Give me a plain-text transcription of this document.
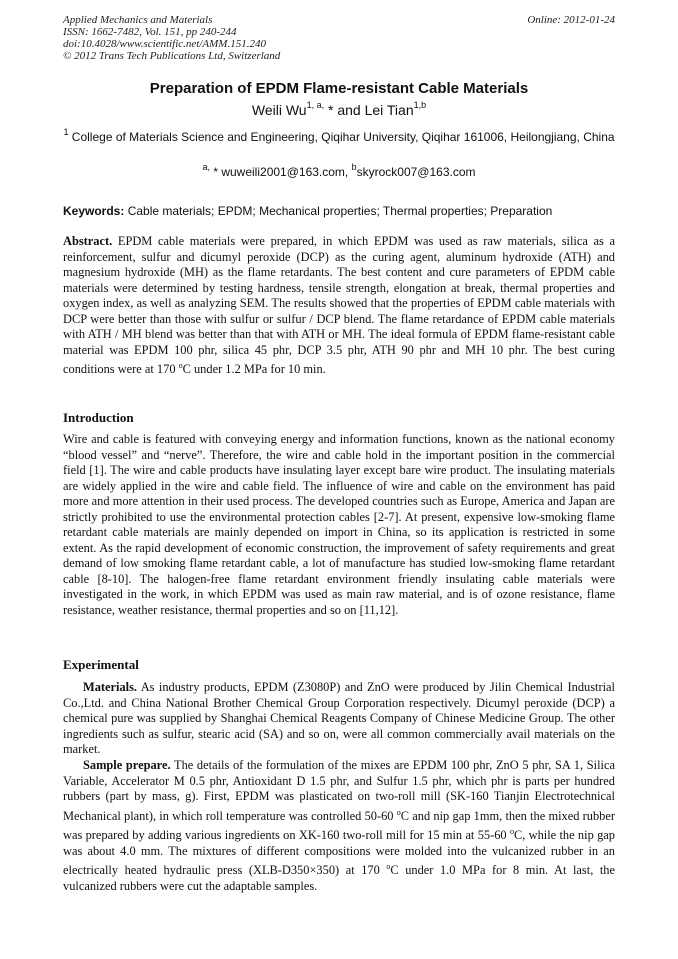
Applied Mechanics and Materials
ISSN: 1662-7482, Vol. 151, pp 240-244
doi:10.4028/www.scientific.net/AMM.151.240
© 2012 Trans Tech Publications Ltd, Switzerland
Online: 2012-01-24
Preparation of EPDM Flame-resistant Cable Materials
Weili $Wu^{1, a,}$ * and Lei Tian$^{1,b}$
$^1$ College of Materials Science and Engineering, Qiqihar University, Qiqihar 161006, Heilongjiang, China
$^{a,}$ * wuweili2001@163.com, $^b$skyrock007@163.com
Keywords: Cable materials; EPDM; Mechanical properties; Thermal properties; Preparation
Abstract. EPDM cable materials were prepared, in which EPDM was used as raw materials, silica as a reinforcement, sulfur and dicumyl peroxide (DCP) as the curing agent, aluminum hydroxide (ATH) and magnesium hydroxide (MH) as the flame retardants. The best content and cure parameters of EPDM cable materials were determined by testing hardness, tensile strength, elongation at break, thermal properties and oxygen index, as well as analyzing SEM. The results showed that the properties of EPDM cable materials with DCP were better than those with sulfur or sulfur / DCP blend. The flame retardance of EPDM cable materials with ATH / MH blend was better than that with ATH or MH. The ideal formula of EPDM flame-resistant cable material was EPDM 100 phr, silica 45 phr, DCP 3.5 phr, ATH 90 phr and MH 10 phr. The best curing conditions were at 170 $^o$C under 1.2 MPa for 10 min.
Introduction
Wire and cable is featured with conveying energy and information functions, known as the national economy “blood vessel” and “nerve”. Therefore, the wire and cable hold in the important position in the commercial field [1]. The wire and cable products have insulating layer except bare wire product. The insulating materials are widely applied in the wire and cable field. The influence of wire and cable on the environment has paid more and more attention in their used process. The developed countries such as Europe, America and Japan are strictly prohibited to use the environmental protection cables [2-7]. At present, expensive low-smoking flame retardant cable materials are mainly depended on import in China, so its application is restricted in some extent. As the rapid development of economic construction, the improvement of safety requirements and great demand of low smoking flame retardant cable, a lot of manufacture has studied low-smoking flame retardant cable [8-10]. The halogen-free flame retardant environment friendly insulating cable materials were investigated in the work, in which EPDM was used as main raw material, and is of ozone resistance, flame resistance, weather resistance, thermal properties and so on [11,12].
Experimental
Materials. As industry products, EPDM (Z3080P) and ZnO were produced by Jilin Chemical Industrial Co.,Ltd. and China National Brother Chemical Group Corporation respectively. Dicumyl peroxide (DCP) a chemical pure was supplied by Shanghai Chemical Reagents Company of Chinese Medicine Group. The other ingredients such as sulfur, stearic acid (SA) and so on, were all common commercially avail materials on the market.
Sample prepare. The details of the formulation of the mixes are EPDM 100 phr, ZnO 5 phr, SA 1, Silica Variable, Accelerator M 0.5 phr, Antioxidant D 1.5 phr, and Sulfur 1.5 phr, which phr is parts per hundred rubbers (part by mass, g). First, EPDM was plasticated on two-roll mill (SK-160 Tianjin Electrotechnical Mechanical plant), in which roll temperature was controlled 50-60 $^o$C and nip gap 1mm, then the mixed rubber was prepared by adding various ingredients on XK-160 two-roll mill for 15 min at 55-60 $^o$C, while the nip gap was about 4.0 mm. The mixtures of different compositions were molded into the vulcanized rubber in an electrically heated hydraulic press (XLB-D350×350) at 170 $^o$C under 1.0 MPa for 8 min. At last, the vulcanized rubbers were cut the adaptable samples.
